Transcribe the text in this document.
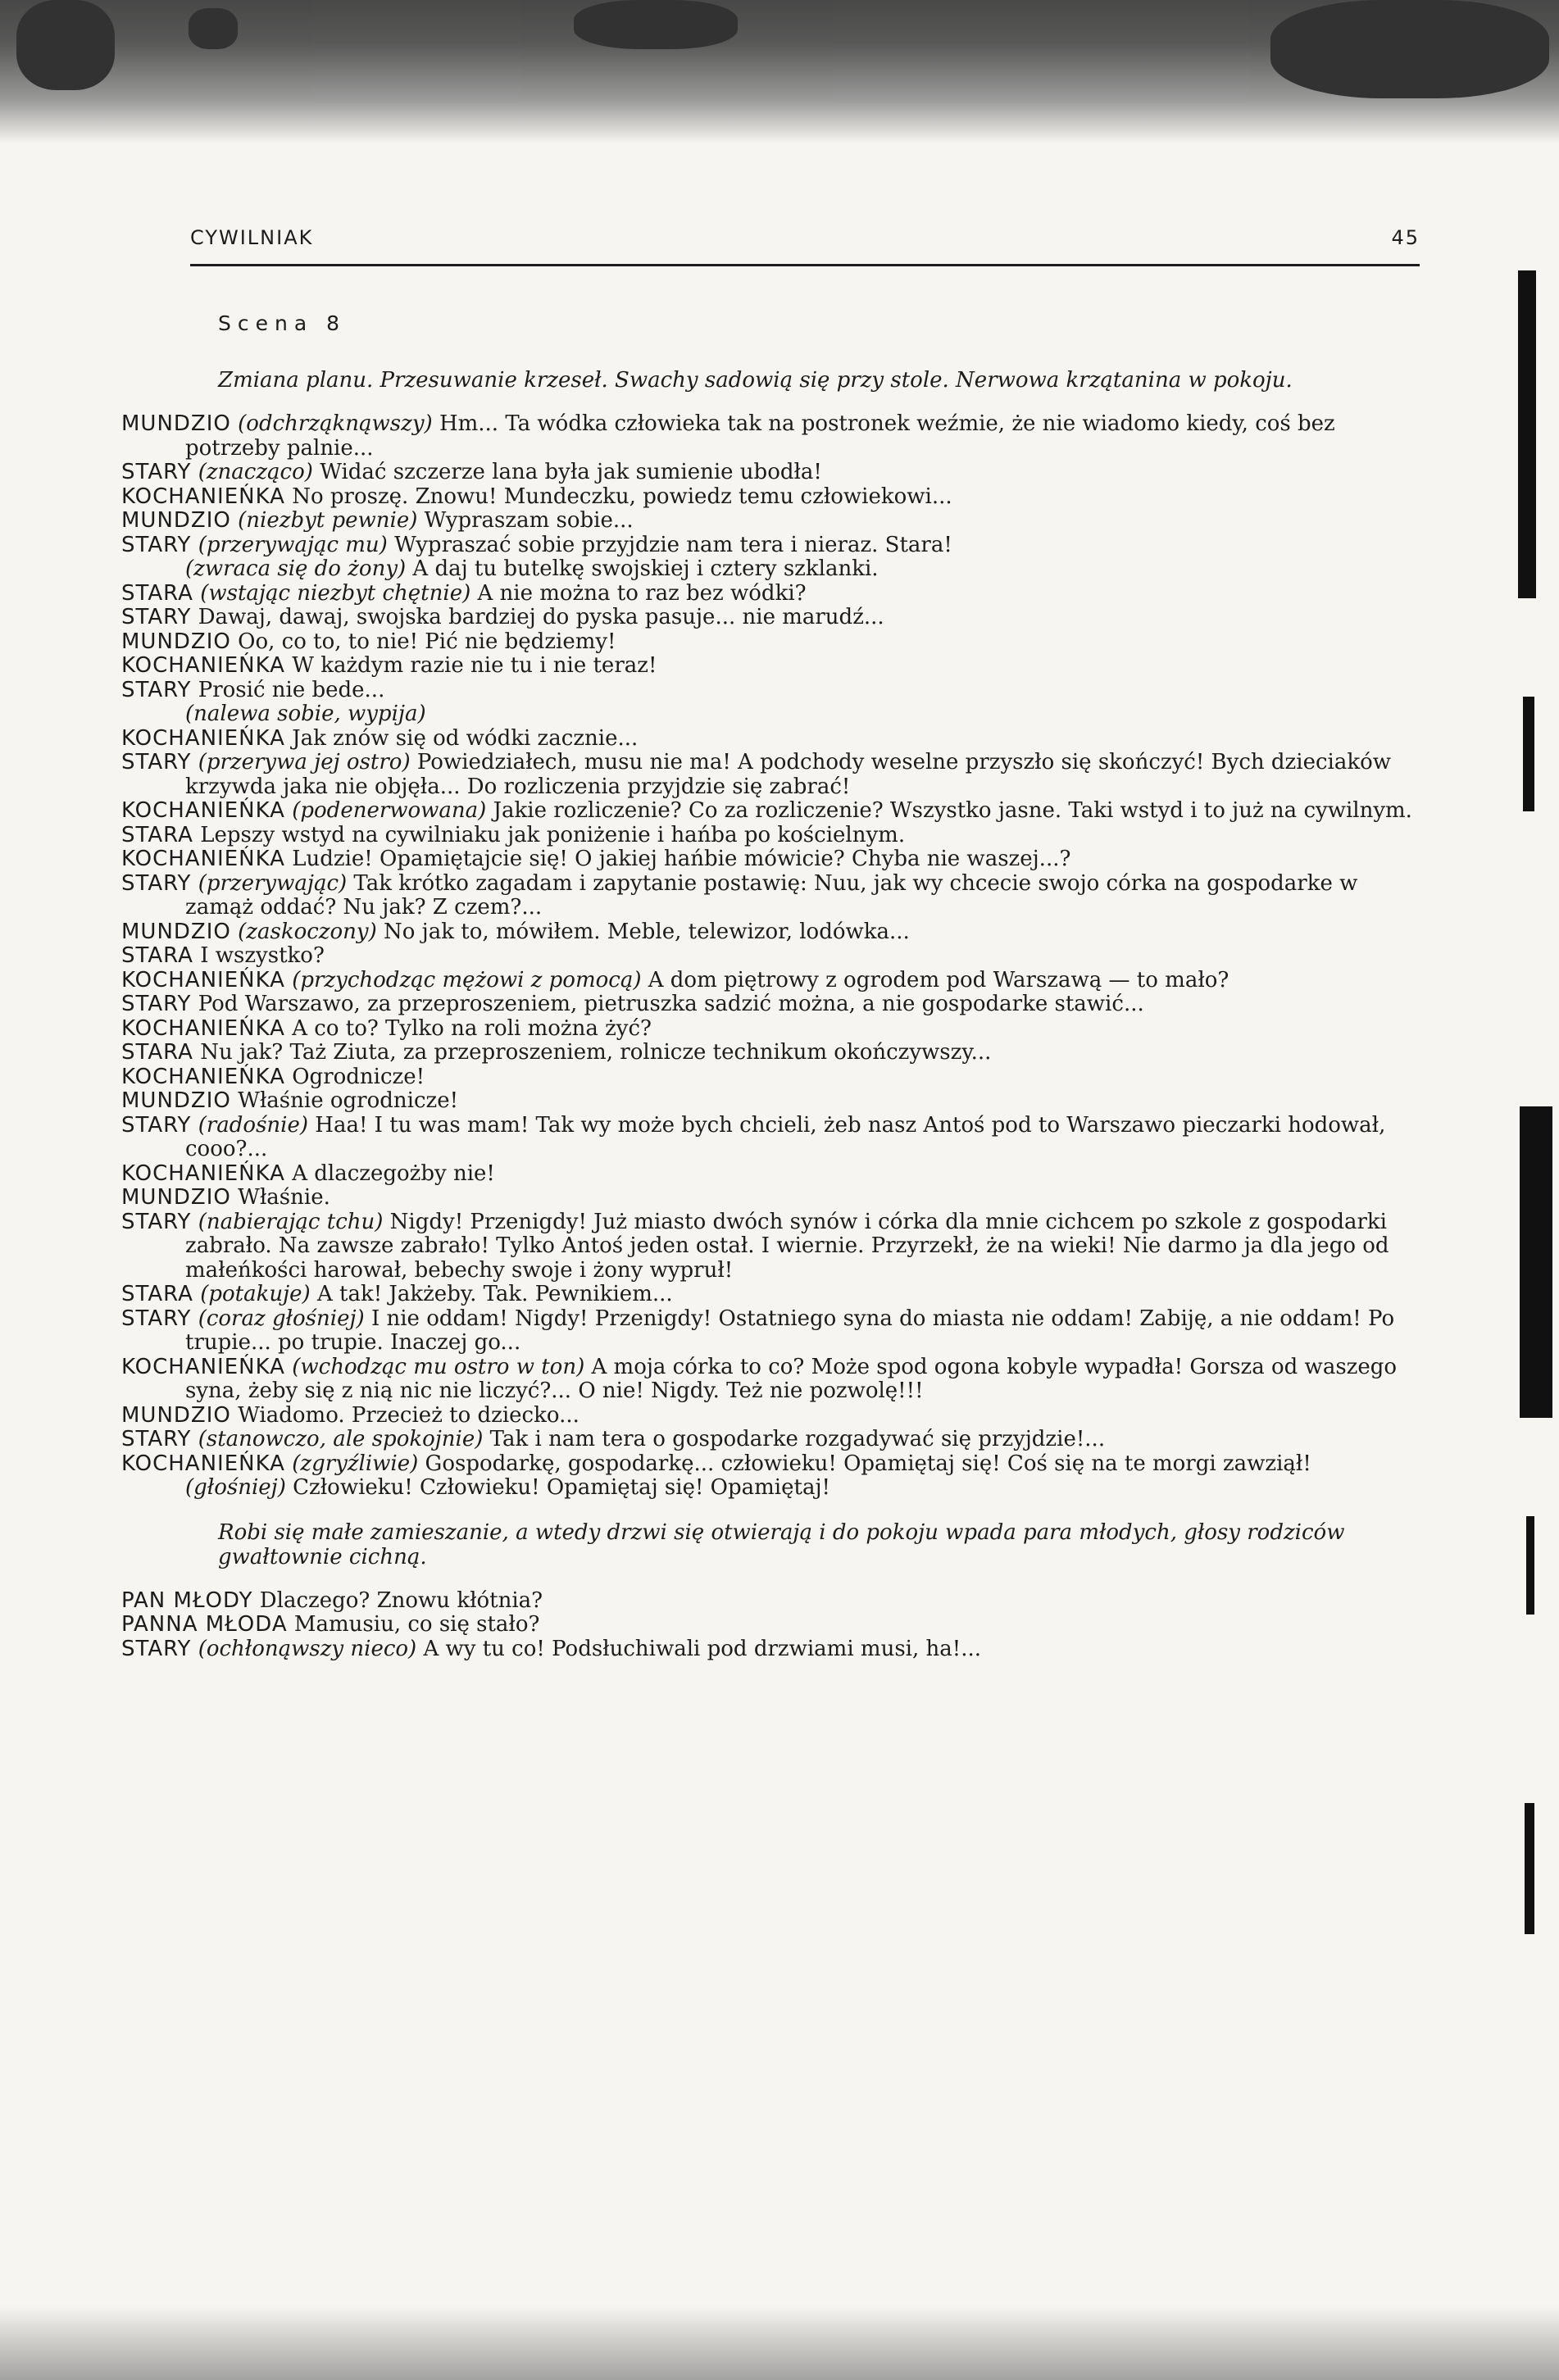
CYWILNIAK	45
Scena 8
Zmiana planu. Przesuwanie krzeseł. Swachy sadowią się przy stole. Nerwowa krzątanina w pokoju.

MUNDZIO (odchrząknąwszy) Hm... Ta wódka człowieka tak na postronek weźmie, że nie wiadomo kiedy, coś bez potrzeby palnie...

STARY (znacząco) Widać szczerze lana była jak sumienie ubodła!

KOCHANIEŃKA No proszę. Znowu! Mundeczku, powiedz temu człowiekowi...

MUNDZIO (niezbyt pewnie) Wypraszam sobie...

STARY (przerywając mu) Wypraszać sobie przyjdzie nam tera i nieraz. Stara!

(zwraca się do żony) A daj tu butelkę swojskiej i cztery szklanki.

STARA (wstając niezbyt chętnie) A nie można to raz bez wódki?

STARY Dawaj, dawaj, swojska bardziej do pyska pasuje... nie marudź...

MUNDZIO Oo, co to, to nie! Pić nie będziemy!

KOCHANIEŃKA W każdym razie nie tu i nie teraz!

STARY Prosić nie bede...

(nalewa sobie, wypija)

KOCHANIEŃKA Jak znów się od wódki zacznie...

STARY (przerywa jej ostro) Powiedziałech, musu nie ma! A podchody weselne przyszło się skończyć! Bych dzieciaków krzywda jaka nie objęła... Do rozliczenia przyjdzie się zabrać!

KOCHANIEŃKA (podenerwowana) Jakie rozliczenie? Co za rozliczenie? Wszystko jasne. Taki wstyd i to już na cywilnym.

STARA Lepszy wstyd na cywilniaku jak poniżenie i hańba po kościelnym.

KOCHANIEŃKA Ludzie! Opamiętajcie się! O jakiej hańbie mówicie? Chyba nie waszej...?

STARY (przerywając) Tak krótko zagadam i zapytanie postawię: Nuu, jak wy chcecie swojo córka na gospodarke w zamąż oddać? Nu jak? Z czem?...

MUNDZIO (zaskoczony) No jak to, mówiłem. Meble, telewizor, lodówka...

STARA I wszystko?

KOCHANIEŃKA (przychodząc mężowi z pomocą) A dom piętrowy z ogrodem pod Warszawą — to mało?

STARY Pod Warszawo, za przeproszeniem, pietruszka sadzić można, a nie gospodarke stawić...

KOCHANIEŃKA A co to? Tylko na roli można żyć?

STARA Nu jak? Taż Ziuta, za przeproszeniem, rolnicze technikum okończywszy...

KOCHANIEŃKA Ogrodnicze!

MUNDZIO Właśnie ogrodnicze!

STARY (radośnie) Haa! I tu was mam! Tak wy może bych chcieli, żeb nasz Antoś pod to Warszawo pieczarki hodował, cooo?...

KOCHANIEŃKA A dlaczegożby nie!

MUNDZIO Właśnie.

STARY (nabierając tchu) Nigdy! Przenigdy! Już miasto dwóch synów i córka dla mnie cichcem po szkole z gospodarki zabrało. Na zawsze zabrało! Tylko Antoś jeden ostał. I wiernie. Przyrzekł, że na wieki! Nie darmo ja dla jego od małeńkości harował, bebechy swoje i żony wypruł!

STARA (potakuje) A tak! Jakżeby. Tak. Pewnikiem...

STARY (coraz głośniej) I nie oddam! Nigdy! Przenigdy! Ostatniego syna do miasta nie oddam! Zabiję, a nie oddam! Po trupie... po trupie. Inaczej go...

KOCHANIEŃKA (wchodząc mu ostro w ton) A moja córka to co? Może spod ogona kobyle wypadła! Gorsza od waszego syna, żeby się z nią nic nie liczyć?... O nie! Nigdy. Też nie pozwolę!!!

MUNDZIO Wiadomo. Przecież to dziecko...

STARY (stanowczo, ale spokojnie) Tak i nam tera o gospodarke rozgadywać się przyjdzie!...

KOCHANIEŃKA (zgryźliwie) Gospodarkę, gospodarkę... człowieku! Opamiętaj się! Coś się na te morgi zawziął!

(głośniej) Człowieku! Człowieku! Opamiętaj się! Opamiętaj!

Robi się małe zamieszanie, a wtedy drzwi się otwierają i do pokoju wpada para młodych, głosy rodziców gwałtownie cichną.

PAN MŁODY Dlaczego? Znowu kłótnia?

PANNA MŁODA Mamusiu, co się stało?

STARY (ochłonąwszy nieco) A wy tu co! Podsłuchiwali pod drzwiami musi, ha!...
